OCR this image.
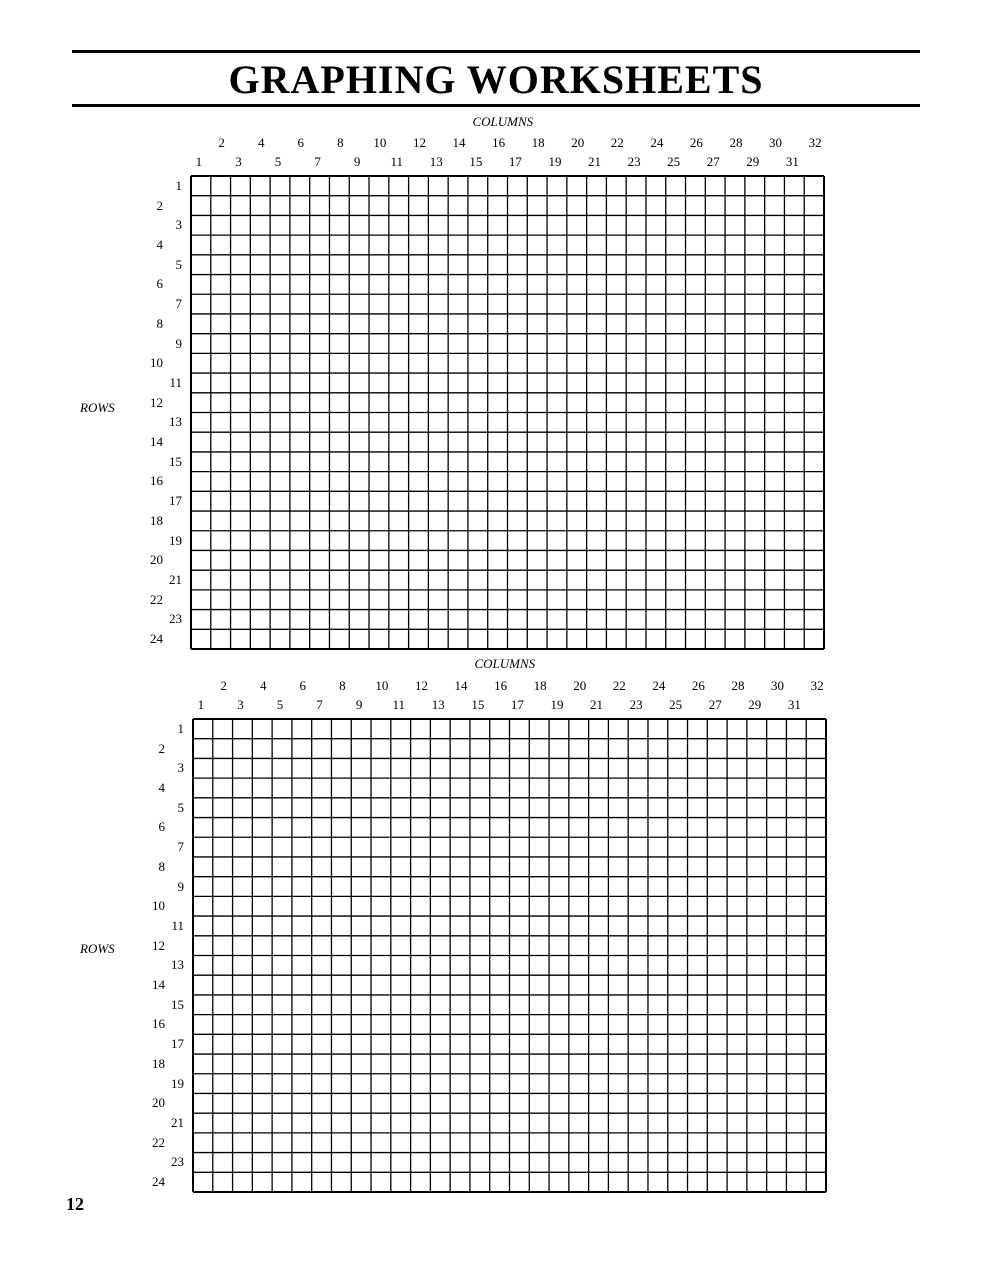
GRAPHING WORKSHEETS
COLUMNS
ROWS
1
2
3
4
5
6
7
8
9
10
11
12
13
14
15
16
17
18
19
20
21
22
23
24
25
26
27
28
29
30
31
32
1
2
3
4
5
6
7
8
9
10
11
12
13
14
15
16
17
18
19
20
21
22
23
24
COLUMNS
ROWS
1
2
3
4
5
6
7
8
9
10
11
12
13
14
15
16
17
18
19
20
21
22
23
24
25
26
27
28
29
30
31
32
1
2
3
4
5
6
7
8
9
10
11
12
13
14
15
16
17
18
19
20
21
22
23
24
12
